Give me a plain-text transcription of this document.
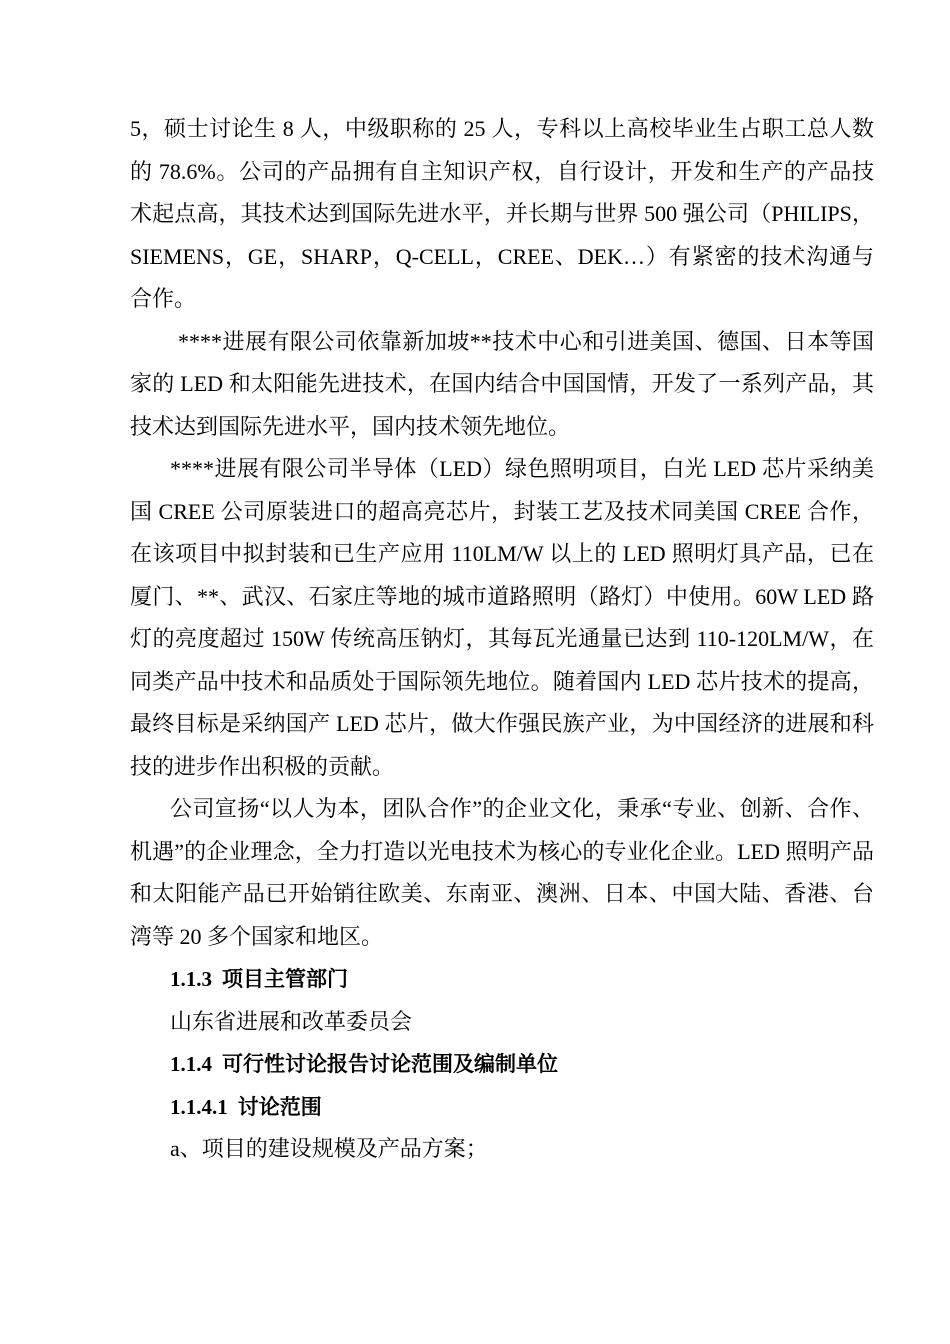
5，硕士讨论生 8 人，中级职称的 25 人，专科以上高校毕业生占职工总人数的 78.6%。公司的产品拥有自主知识产权，自行设计，开发和生产的产品技术起点高，其技术达到国际先进水平，并长期与世界 500 强公司（PHILIPS，SIEMENS，GE，SHARP，Q-CELL，CREE、DEK…）有紧密的技术沟通与合作。

****进展有限公司依靠新加坡**技术中心和引进美国、德国、日本等国家的 LED 和太阳能先进技术，在国内结合中国国情，开发了一系列产品，其技术达到国际先进水平，国内技术领先地位。

****进展有限公司半导体（LED）绿色照明项目，白光 LED 芯片采纳美国 CREE 公司原装进口的超高亮芯片，封装工艺及技术同美国 CREE 合作，在该项目中拟封装和已生产应用 110LM/W 以上的 LED 照明灯具产品，已在厦门、**、武汉、石家庄等地的城市道路照明（路灯）中使用。60W LED 路灯的亮度超过 150W 传统高压钠灯，其每瓦光通量已达到 110-120LM/W，在同类产品中技术和品质处于国际领先地位。随着国内 LED 芯片技术的提高，最终目标是采纳国产 LED 芯片，做大作强民族产业，为中国经济的进展和科技的进步作出积极的贡献。

公司宣扬“以人为本，团队合作”的企业文化，秉承“专业、创新、合作、机遇”的企业理念，全力打造以光电技术为核心的专业化企业。LED 照明产品和太阳能产品已开始销往欧美、东南亚、澳洲、日本、中国大陆、香港、台湾等 20 多个国家和地区。

1.1.3 项目主管部门

山东省进展和改革委员会

1.1.4 可行性讨论报告讨论范围及编制单位

1.1.4.1 讨论范围

a、项目的建设规模及产品方案；
